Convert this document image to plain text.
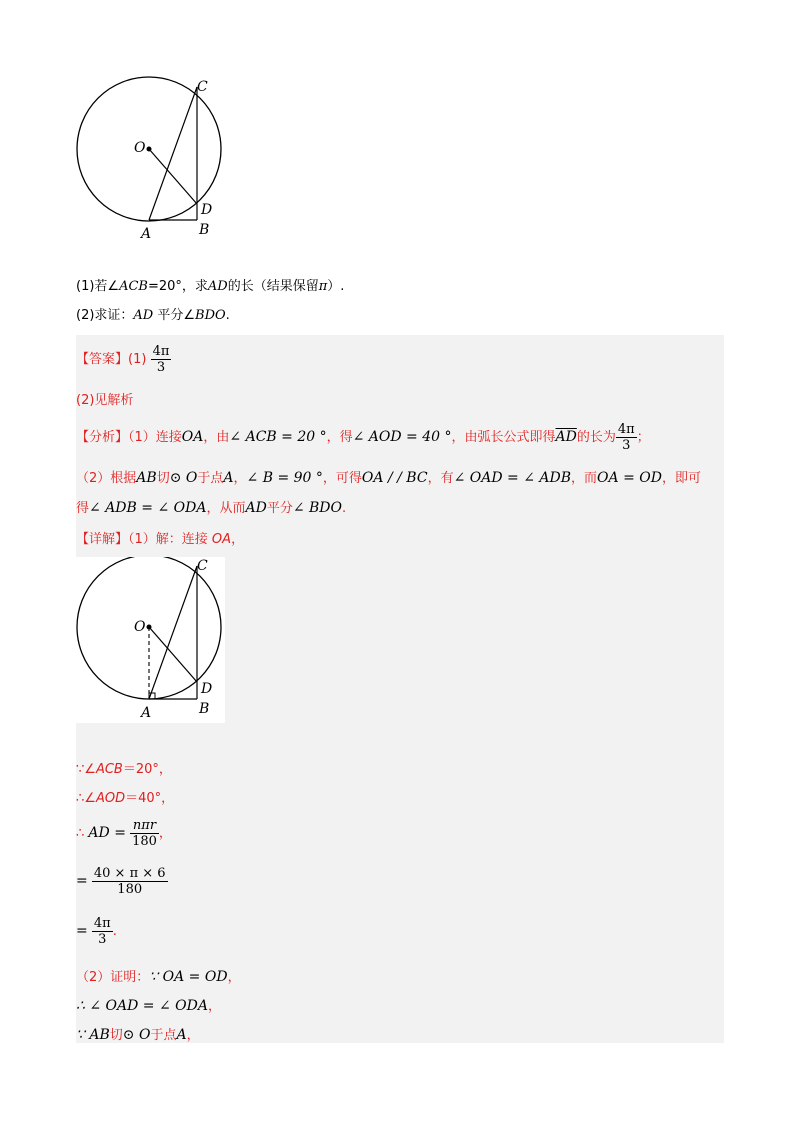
C
O
D
A	B
(1)若∠ACB=20°，求AD的长（结果保留π）.
(2)求证：AD 平分∠BDO.
【答案】$(1) \frac{4\pi}{3}$
(2)见解析
【分析】（1）连接OA，由∠ ACB = 20 °，得∠ AOD = 40 °，由弧长公式即得$\overline{AD}$的长为 $\frac{4\pi}{3}$ ；
（2）根据AB切⊙ O于点A，∠ B = 90 °，可得OA / / BC，有∠ OAD = ∠ ADB，而OA = OD，即可
得∠ ADB = ∠ ODA，从而AD平分∠ BDO.
【详解】（1）解：连接 OA，
C
O
D
A	B
∵∠ACB＝20°，
∴∠AOD＝40°，
∴ AD = $\frac{\text{nπr}}{180}$ ，
= $\frac{40 \times \pi \times 6}{180}$
= $\frac{4\pi}{3}$ .
（2）证明：∵ OA = OD，
∴ ∠ OAD = ∠ ODA，
∵ AB切⊙ O于点A，
